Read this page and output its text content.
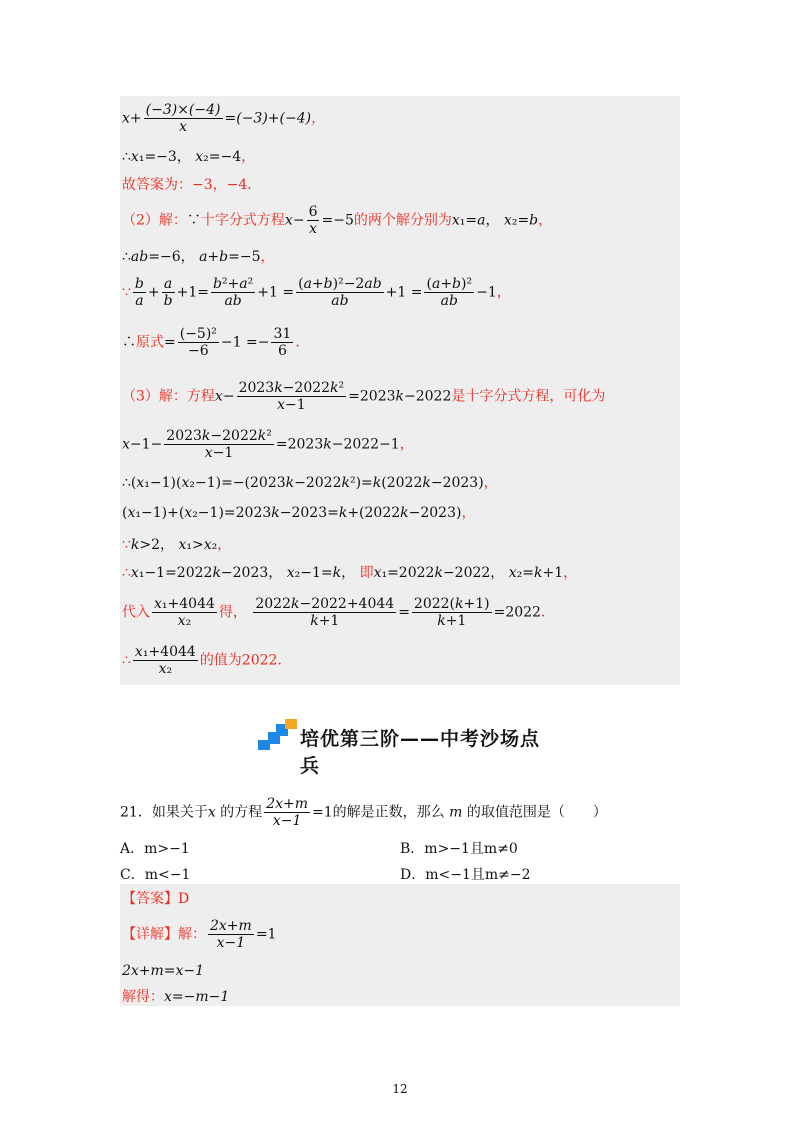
$x+ \frac{(-3)\times(-4)}{x} =(-3)+(-4)$，
∴x₁=−3， x₂=−4，
故答案为：−3，−4．
（2）解：∵十字分式方程$x- \frac{6}{x} =-5$的两个解分别为x₁=a， x₂=b，
∴ab=−6， a+b=−5，
∵ $\frac{b}{a} + \frac{a}{b} +1= \frac{\text{b²+a²}}{ab} +1 = \frac{\text{(a+b)²−2ab}}{ab} +1 = \frac{\text{(a+b)²}}{ab} -1$，
∴原式= $\frac{\text{(−5)²}}{-6} -1 =- \frac{31}{6}$ ．
（3）解：方程$x- \frac{\text{2023k−2022k²}}{x-1} =2023k-2022$是十字分式方程，可化为
$x-1- \frac{\text{2023k−2022k²}}{x-1} =2023k-2022-1$，
∴(x₁−1)(x₂−1)=−(2023k−2022k²)=k(2022k−2023)，
(x₁−1)+(x₂−1)=2023k−2023=k+(2022k−2023)，
∵k>2， x₁>x₂，
∴x₁−1=2022k−2023， x₂−1=k， 即x₁=2022k−2022， x₂=k+1，
代入 $\frac{\text{x₁+4044}}{\text{x₂}}$ 得， $\frac{2022k-2022+4044}{k+1} = \frac{2022(k+1)}{k+1} =2022$．
∴ $\frac{\text{x₁+4044}}{\text{x₂}}$ 的值为2022．
培优第三阶——中考沙场点兵
21．如果关于x 的方程 $\frac{2x+m}{x-1} =1$的解是正数，那么 m 的取值范围是（　　）
A．m>−1	B．m>−1且m≠0
C．m<−1	D．m<−1且m≠−2
【答案】D
【详解】解： $\frac{2x+m}{x-1} =1$
2x+m=x−1
解得：x=−m−1
12
